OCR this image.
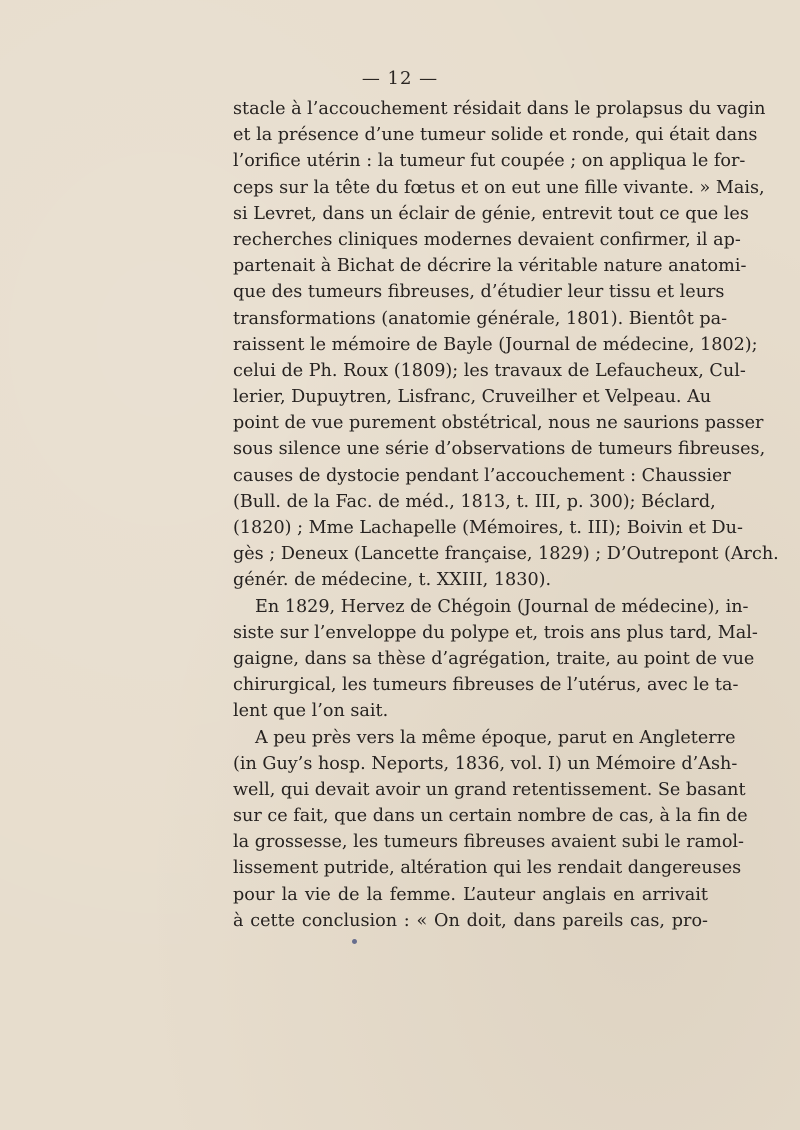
— 12 —
stacle à l’accouchement résidait dans le prolapsus du vagin
et la présence d’une tumeur solide et ronde, qui était dans
l’orifice utérin : la tumeur fut coupée ; on appliqua le for-
ceps sur la tête du fœtus et on eut une fille vivante. » Mais,
si Levret, dans un éclair de génie, entrevit tout ce que les
recherches cliniques modernes devaient confirmer, il ap-
partenait à Bichat de décrire la véritable nature anatomi-
que des tumeurs fibreuses, d’étudier leur tissu et leurs
transformations (anatomie générale, 1801). Bientôt pa-
raissent le mémoire de Bayle (Journal de médecine, 1802);
celui de Ph. Roux (1809); les travaux de Lefaucheux, Cul-
lerier, Dupuytren, Lisfranc, Cruveilher et Velpeau. Au
point de vue purement obstétrical, nous ne saurions passer
sous silence une série d’observations de tumeurs fibreuses,
causes de dystocie pendant l’accouchement : Chaussier
(Bull. de la Fac. de méd., 1813, t. III, p. 300); Béclard,
(1820) ; Mme Lachapelle (Mémoires, t. III); Boivin et Du-
gès ; Deneux (Lancette française, 1829) ; D’Outrepont (Arch.
génér. de médecine, t. XXIII, 1830).
En 1829, Hervez de Chégoin (Journal de médecine), in-
siste sur l’enveloppe du polype et, trois ans plus tard, Mal-
gaigne, dans sa thèse d’agrégation, traite, au point de vue
chirurgical, les tumeurs fibreuses de l’utérus, avec le ta-
lent que l’on sait.
A peu près vers la même époque, parut en Angleterre
(in Guy’s hosp. Neports, 1836, vol. I) un Mémoire d’Ash-
well, qui devait avoir un grand retentissement. Se basant
sur ce fait, que dans un certain nombre de cas, à la fin de
la grossesse, les tumeurs fibreuses avaient subi le ramol-
lissement putride, altération qui les rendait dangereuses
pour la vie de la femme. L’auteur anglais en arrivait
à cette conclusion : « On doit, dans pareils cas, pro-
